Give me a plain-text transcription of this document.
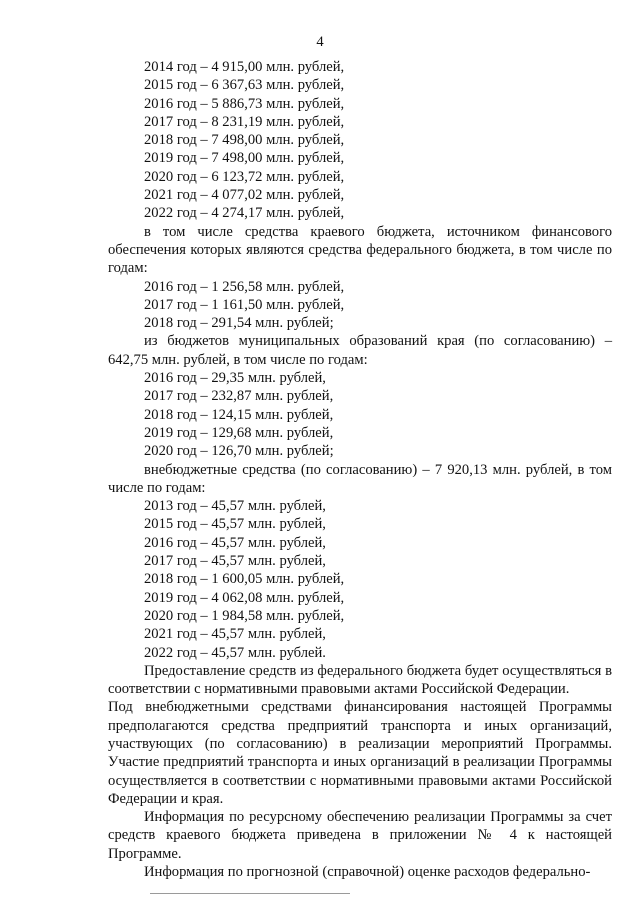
4
2014 год – 4 915,00 млн. рублей,
2015 год – 6 367,63 млн. рублей,
2016 год – 5 886,73 млн. рублей,
2017 год – 8 231,19 млн. рублей,
2018 год – 7 498,00 млн. рублей,
2019 год – 7 498,00 млн. рублей,
2020 год – 6 123,72 млн. рублей,
2021 год – 4 077,02 млн. рублей,
2022 год – 4 274,17 млн. рублей,
в том числе средства краевого бюджета, источником финансового обеспечения которых являются средства федерального бюджета, в том числе по годам:
2016 год – 1 256,58 млн. рублей,
2017 год – 1 161,50 млн. рублей,
2018 год – 291,54 млн. рублей;
из бюджетов муниципальных образований края (по согласованию) – 642,75 млн. рублей, в том числе по годам:
2016 год – 29,35 млн. рублей,
2017 год – 232,87 млн. рублей,
2018 год – 124,15 млн. рублей,
2019 год – 129,68 млн. рублей,
2020 год – 126,70 млн. рублей;
внебюджетные средства (по согласованию) – 7 920,13 млн. рублей, в том числе по годам:
2013 год – 45,57 млн. рублей,
2015 год – 45,57 млн. рублей,
2016 год – 45,57 млн. рублей,
2017 год – 45,57 млн. рублей,
2018 год – 1 600,05 млн. рублей,
2019 год – 4 062,08 млн. рублей,
2020 год – 1 984,58 млн. рублей,
2021 год – 45,57 млн. рублей,
2022 год – 45,57 млн. рублей.
Предоставление средств из федерального бюджета будет осуществляться в соответствии с нормативными правовыми актами Российской Федерации.
Под внебюджетными средствами финансирования настоящей Программы предполагаются средства предприятий транспорта и иных организаций, участвующих (по согласованию) в реализации мероприятий Программы. Участие предприятий транспорта и иных организаций в реализации Программы осуществляется в соответствии с нормативными правовыми актами Российской Федерации и края.
Информация по ресурсному обеспечению реализации Программы за счет средств краевого бюджета приведена в приложении № 4 к настоящей Программе.
Информация по прогнозной (справочной) оценке расходов федерально-
